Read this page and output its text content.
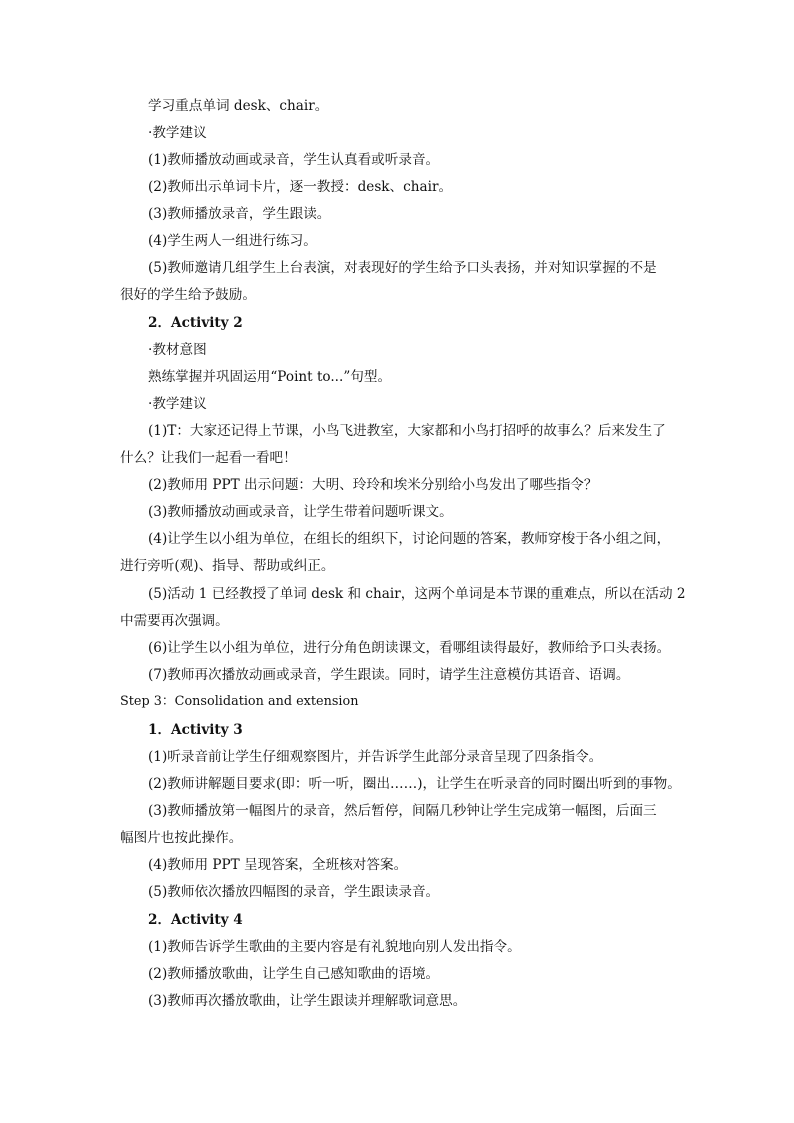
学习重点单词 desk、chair。
·教学建议
(1)教师播放动画或录音，学生认真看或听录音。
(2)教师出示单词卡片，逐一教授：desk、chair。
(3)教师播放录音，学生跟读。
(4)学生两人一组进行练习。
(5)教师邀请几组学生上台表演，对表现好的学生给予口头表扬，并对知识掌握的不是
很好的学生给予鼓励。
2．Activity 2
·教材意图
熟练掌握并巩固运用“Point to...”句型。
·教学建议
(1)T：大家还记得上节课，小鸟飞进教室，大家都和小鸟打招呼的故事么？后来发生了
什么？让我们一起看一看吧！
(2)教师用 PPT 出示问题：大明、玲玲和埃米分别给小鸟发出了哪些指令？
(3)教师播放动画或录音，让学生带着问题听课文。
(4)让学生以小组为单位，在组长的组织下，讨论问题的答案，教师穿梭于各小组之间，
进行旁听(观)、指导、帮助或纠正。
(5)活动 1 已经教授了单词 desk 和 chair，这两个单词是本节课的重难点，所以在活动 2
中需要再次强调。
(6)让学生以小组为单位，进行分角色朗读课文，看哪组读得最好，教师给予口头表扬。
(7)教师再次播放动画或录音，学生跟读。同时，请学生注意模仿其语音、语调。
Step 3：Consolidation and extension
1．Activity 3
(1)听录音前让学生仔细观察图片，并告诉学生此部分录音呈现了四条指令。
(2)教师讲解题目要求(即：听一听，圈出……)，让学生在听录音的同时圈出听到的事物。
(3)教师播放第一幅图片的录音，然后暂停，间隔几秒钟让学生完成第一幅图，后面三
幅图片也按此操作。
(4)教师用 PPT 呈现答案，全班核对答案。
(5)教师依次播放四幅图的录音，学生跟读录音。
2．Activity 4
(1)教师告诉学生歌曲的主要内容是有礼貌地向别人发出指令。
(2)教师播放歌曲，让学生自己感知歌曲的语境。
(3)教师再次播放歌曲，让学生跟读并理解歌词意思。
